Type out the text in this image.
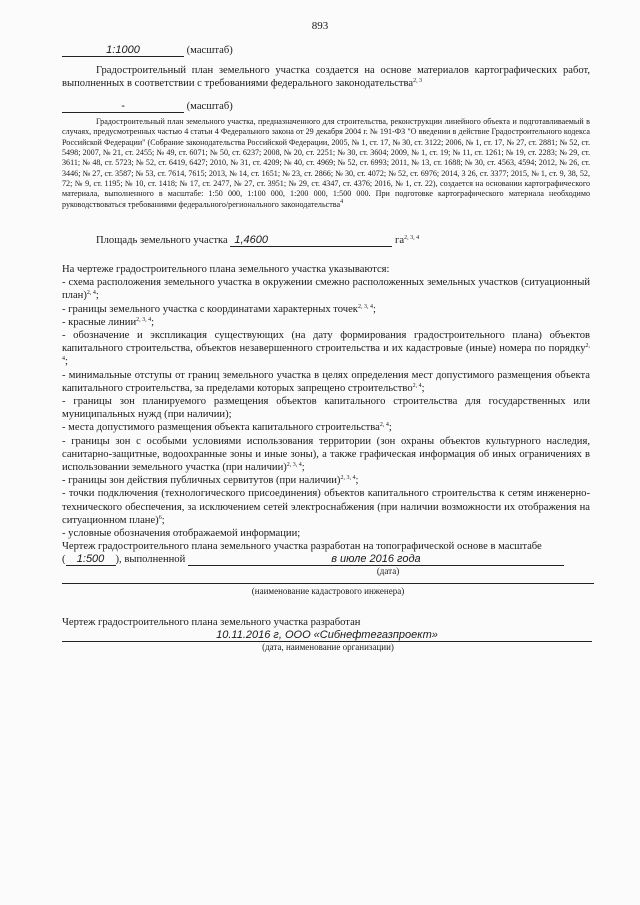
893
1:1000	(масштаб)
Градостроительный план земельного участка создается на основе материалов картографических работ, выполненных в соответствии с требованиями федерального законодательства$^{2, 3}$
-	(масштаб)
Градостроительный план земельного участка, предназначенного для строительства, реконструкции линейного объекта и подготавливаемый в случаях, предусмотренных частью 4 статьи 4 Федерального закона от 29 декабря 2004 г. № 191-ФЗ "О введении в действие Градостроительного кодекса Российской Федерации" (Собрание законодательства Российской Федерации, 2005, № 1, ст. 17, № 30, ст. 3122; 2006, № 1, ст. 17, № 27, ст. 2881; № 52, ст. 5498; 2007, № 21, ст. 2455; № 49, ст. 6071; № 50, ст. 6237; 2008, № 20, ст. 2251; № 30, ст. 3604; 2009, № 1, ст. 19; № 11, ст. 1261; № 19, ст. 2283; № 29, ст. 3611; № 48, ст. 5723; № 52, ст. 6419, 6427; 2010, № 31, ст. 4209; № 40, ст. 4969; № 52, ст. 6993; 2011, № 13, ст. 1688; № 30, ст. 4563, 4594; 2012, № 26, ст. 3446; № 27, ст. 3587; № 53, ст. 7614, 7615; 2013, № 14, ст. 1651; № 23, ст. 2866; № 30, ст. 4072; № 52, ст. 6976; 2014, 3 26, ст. 3377; 2015, № 1, ст. 9, 38, 52, 72; № 9, ст. 1195; № 10, ст. 1418; № 17, ст. 2477, № 27, ст. 3951; № 29, ст. 4347, ст. 4376; 2016, № 1, ст. 22), создается на основании картографического материала, выполненного в масштабе: 1:50 000, 1:100 000, 1:200 000, 1:500 000. При подготовке картографического материала необходимо руководствоваться требованиями федерального/регионального законодательства$^4$
Площадь земельного участка 1,4600	га$^{2, 3, 4}$
На чертеже градостроительного плана земельного участка указываются:
- схема расположения земельного участка в окружении смежно расположенных земельных участков (ситуационный план)$^{2, 4}$;
- границы земельного участка с координатами характерных точек$^{2, 3, 4}$;
- красные линии$^{2, 3, 4}$;
- обозначение и экспликация существующих (на дату формирования градостроительного плана) объектов капитального строительства, объектов незавершенного строительства и их кадастровые (иные) номера по порядку$^{2, 4}$;
- минимальные отступы от границ земельного участка в целях определения мест допустимого размещения объекта капитального строительства, за пределами которых запрещено строительство$^{2, 4}$;
- границы зон планируемого размещения объектов капитального строительства для государственных или муниципальных нужд (при наличии);
- места допустимого размещения объекта капитального строительства$^{2, 4}$;
- границы зон с особыми условиями использования территории (зон охраны объектов культурного наследия, санитарно-защитные, водоохранные зоны и иные зоны), а также графическая информация об иных ограничениях в использовании земельного участка (при наличии)$^{2, 3, 4}$;
- границы зон действия публичных сервитутов (при наличии)$^{2, 3, 4}$;
- точки подключения (технологического присоединения) объектов капитального строительства к сетям инженерно-технического обеспечения, за исключением сетей электроснабжения (при наличии возможности их отображения на ситуационном плане)$^6$;
- условные обозначения отображаемой информации;
Чертеж градостроительного плана земельного участка разработан на топографической основе в масштабе
( 1:500 ), выполненной	в июле 2016 года
(дата)
(наименование кадастрового инженера)
Чертеж градостроительного плана земельного участка разработан
10.11.2016 г, ООО «Сибнефтегазпроект»
(дата, наименование организации)
